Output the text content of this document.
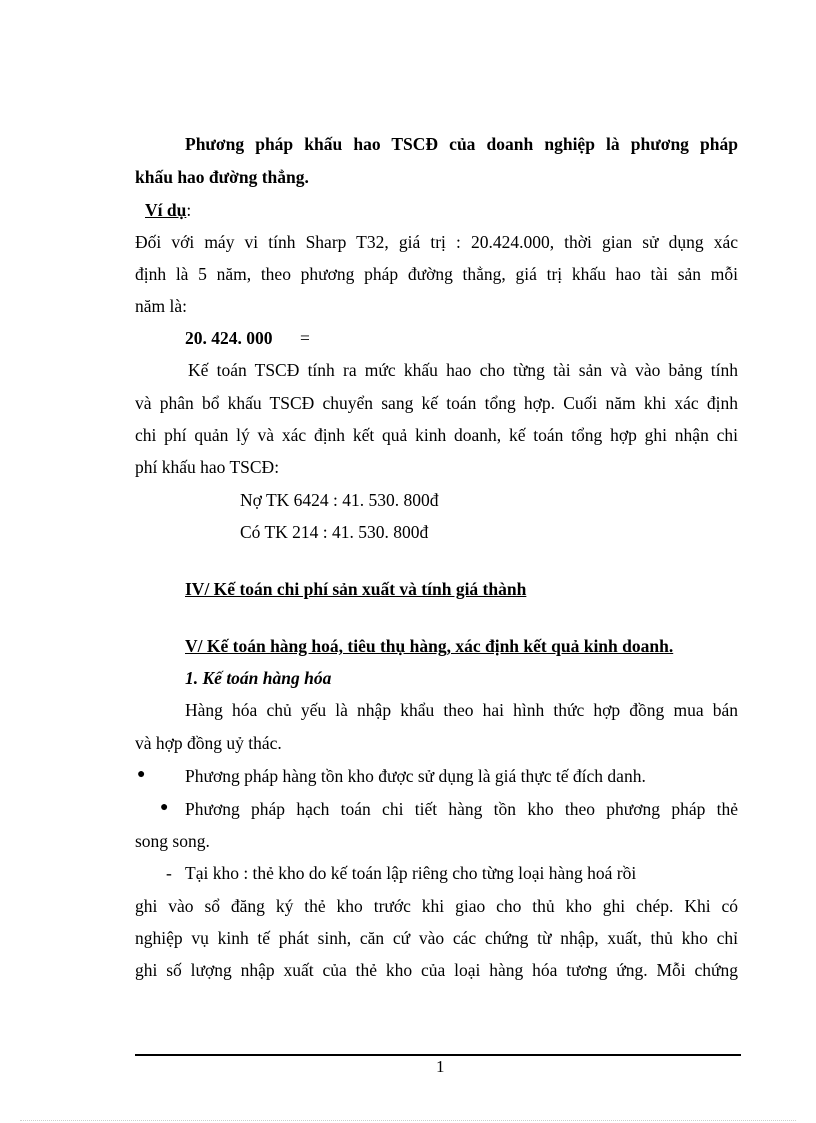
Phương pháp khấu hao TSCĐ của doanh nghiệp là phương pháp
khấu hao đường thẳng.
Ví dụ:
Đối với máy vi tính Sharp T32, giá trị : 20.424.000, thời gian sử dụng xác
định là 5 năm, theo phương pháp đường thẳng, giá trị khấu hao tài sản mỗi
năm là:
20. 424. 000 =
Kế toán TSCĐ tính ra mức khấu hao cho từng tài sản và vào bảng tính
và phân bổ khấu TSCĐ chuyển sang kế toán tổng hợp. Cuối năm khi xác định
chi phí quản lý và xác định kết quả kinh doanh, kế toán tổng hợp ghi nhận chi
phí khấu hao TSCĐ:
Nợ TK 6424 : 41. 530. 800đ
Có TK 214 : 41. 530. 800đ
IV/ Kế toán chi phí sản xuất và tính giá thành
V/ Kế toán hàng hoá, tiêu thụ hàng, xác định kết quả kinh doanh.
1. Kế toán hàng hóa
Hàng hóa chủ yếu là nhập khẩu theo hai hình thức hợp đồng mua bán
và hợp đồng uỷ thác.
● Phương pháp hàng tồn kho được sử dụng là giá thực tế đích danh.
● Phương pháp hạch toán chi tiết hàng tồn kho theo phương pháp thẻ
song song.
- Tại kho : thẻ kho do kế toán lập riêng cho từng loại hàng hoá rồi
ghi vào sổ đăng ký thẻ kho trước khi giao cho thủ kho ghi chép. Khi có
nghiệp vụ kinh tế phát sinh, căn cứ vào các chứng từ nhập, xuất, thủ kho chỉ
ghi số lượng nhập xuất của thẻ kho của loại hàng hóa tương ứng. Mỗi chứng
1
